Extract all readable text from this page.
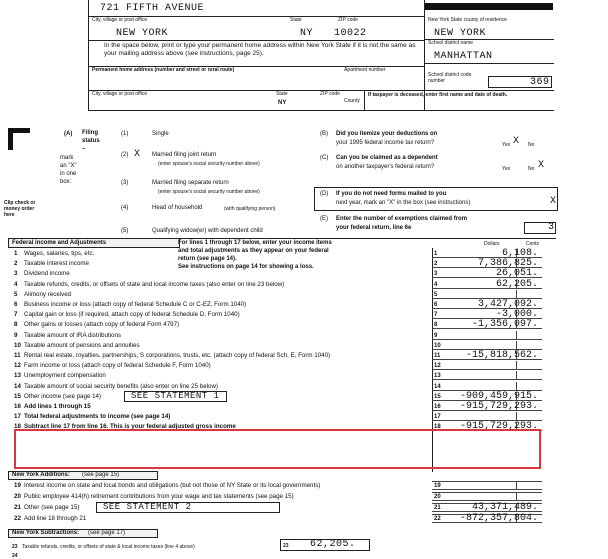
721 FIFTH AVENUE
City, village or post office	State	ZIP code
NEW YORK	NY 10022
New York State county of residence
NEW YORK
School district name
MANHATTAN
School district code number	369
In the space below, print or type your permanent home address within New York State if it is not the same as your mailing address above (see instructions, page 25).
Permanent home address (number and street or rural route)	Apartment number
City, village or post office	State
NY
ZIP code
County
If taxpayer is deceased, enter first name and date of death.
(A) Filing status –
mark an "X" in one box:
Clip check or money order here
(1)	Single
(2) X Married filing joint return
(enter spouse's social security number above)
(3)	Married filing separate return
(enter spouse's social security number above)
(4)	Head of household	(with qualifying person)
(5)	Qualifying widow(er) with dependent child
(B) Did you itemize your deductions on
your 1995 federal income tax return?	Yes X No
(C) Can you be claimed as a dependent
on another taxpayer's federal return?	Yes	No X
(D) If you do not need forms mailed to you
next year, mark an "X" in the box (see instructions)	X
(E) Enter the number of exemptions claimed from
your federal return, line 6e	3
Federal income and Adjustments	For lines 1 through 17 below, enter your income items
and total adjustments as they appear on your federal
return (see page 14).
See instructions on page 14 for showing a loss.
Dollars	Cents
1 Wages, salaries, tips, etc.	1	6,108.
2 Taxable interest income	2	7,386,825.
3 Dividend income	3	26,051.
4 Taxable refunds, credits, or offsets of state and local income taxes (also enter on line 23 below)	4	62,205.
5 Alimony received	5
6 Business income or loss (attach copy of federal Schedule C or C-EZ, Form 1040)	6	3,427,092.
7 Capital gain or loss (if required, attach copy of federal Schedule D, Form 1040)	7	-3,000.
8 Other gains or losses (attach copy of federal Form 4797)	8	-1,356,097.
9 Taxable amount of IRA distributions	9
10 Taxable amount of pensions and annuities	10
11 Rental real estate, royalties, partnerships, S corporations, trusts, etc. (attach copy of federal Sch. E, Form 1040)	11	-15,818,562.
12 Farm income or loss (attach copy of federal Schedule F, Form 1040)	12
13 Unemployment compensation	13
14 Taxable amount of social security benefits (also enter on line 25 below)	14
15 Other income (see page 14)	SEE STATEMENT 1	15 -909,459,915.
16 Add lines 1 through 15	16 -915,729,293.
17 Total federal adjustments to income (see page 14)	17
18 Subtract line 17 from line 16. This is your federal adjusted gross income	18 -915,729,293.
New York Additions: (see page 15)
19 Interest income on state and local bonds and obligations (but not those of NY State or its local governments)	19
20 Public employee 414(h) retirement contributions from your wage and tax statements (see page 15)	20
21 Other (see page 15)	SEE STATEMENT 2	21	43,371,489.
22 Add line 18 through 21	22 -872,357,804.
New York Subtractions: (see page 17)
23 Taxable refunds, credits, or offsets of state & local income taxes (line 4 above)	23 62,205.
24
